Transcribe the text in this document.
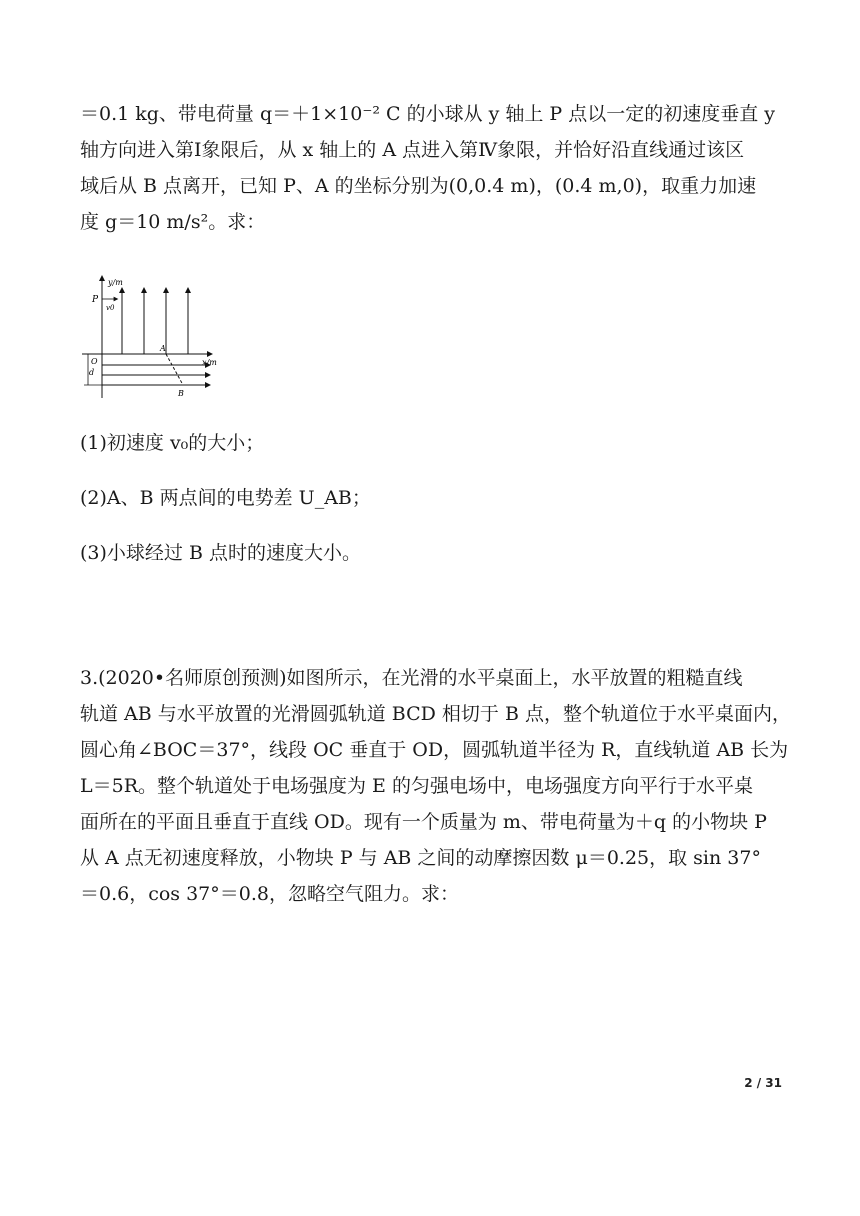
＝0.1 kg、带电荷量 q＝＋1×10⁻² C 的小球从 y 轴上 P 点以一定的初速度垂直 y
轴方向进入第Ⅰ象限后，从 x 轴上的 A 点进入第Ⅳ象限，并恰好沿直线通过该区
域后从 B 点离开，已知 P、A 的坐标分别为(0,0.4 m)，(0.4 m,0)，取重力加速
度 g＝10 m/s²。求：
y/m
x/m
P
v0
O
A
B
d
(1)初速度 v₀的大小；
(2)A、B 两点间的电势差 U_AB；
(3)小球经过 B 点时的速度大小。
3.(2020•名师原创预测)如图所示，在光滑的水平桌面上，水平放置的粗糙直线
轨道 AB 与水平放置的光滑圆弧轨道 BCD 相切于 B 点，整个轨道位于水平桌面内，
圆心角∠BOC＝37°，线段 OC 垂直于 OD，圆弧轨道半径为 R，直线轨道 AB 长为
L＝5R。整个轨道处于电场强度为 E 的匀强电场中，电场强度方向平行于水平桌
面所在的平面且垂直于直线 OD。现有一个质量为 m、带电荷量为＋q 的小物块 P
从 A 点无初速度释放，小物块 P 与 AB 之间的动摩擦因数 μ＝0.25，取 sin 37°
＝0.6，cos 37°＝0.8，忽略空气阻力。求：
2 / 31
